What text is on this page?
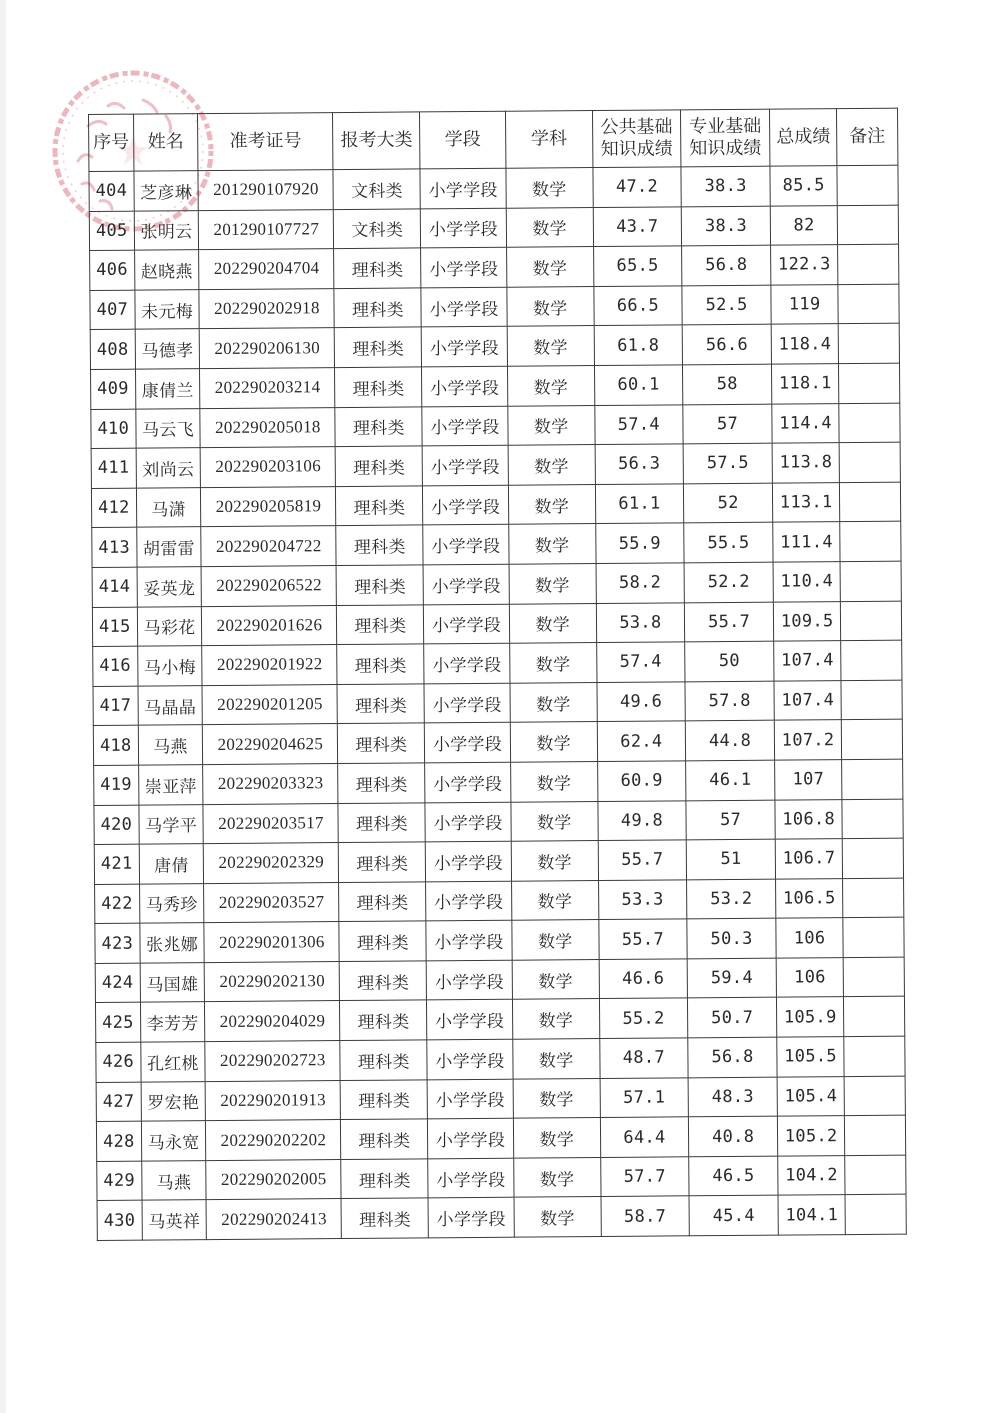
序号	姓名	准考证号	报考大类	学段	学科	公共基础知识成绩	专业基础知识成绩	总成绩	备注
404	芝彦琳	201290107920	文科类	小学学段	数学	47.2	38.3	85.5	
405	张明云	201290107727	文科类	小学学段	数学	43.7	38.3	82	
406	赵晓燕	202290204704	理科类	小学学段	数学	65.5	56.8	122.3	
407	未元梅	202290202918	理科类	小学学段	数学	66.5	52.5	119	
408	马德孝	202290206130	理科类	小学学段	数学	61.8	56.6	118.4	
409	康倩兰	202290203214	理科类	小学学段	数学	60.1	58	118.1	
410	马云飞	202290205018	理科类	小学学段	数学	57.4	57	114.4	
411	刘尚云	202290203106	理科类	小学学段	数学	56.3	57.5	113.8	
412	马潇	202290205819	理科类	小学学段	数学	61.1	52	113.1	
413	胡雷雷	202290204722	理科类	小学学段	数学	55.9	55.5	111.4	
414	妥英龙	202290206522	理科类	小学学段	数学	58.2	52.2	110.4	
415	马彩花	202290201626	理科类	小学学段	数学	53.8	55.7	109.5	
416	马小梅	202290201922	理科类	小学学段	数学	57.4	50	107.4	
417	马晶晶	202290201205	理科类	小学学段	数学	49.6	57.8	107.4	
418	马燕	202290204625	理科类	小学学段	数学	62.4	44.8	107.2	
419	崇亚萍	202290203323	理科类	小学学段	数学	60.9	46.1	107	
420	马学平	202290203517	理科类	小学学段	数学	49.8	57	106.8	
421	唐倩	202290202329	理科类	小学学段	数学	55.7	51	106.7	
422	马秀珍	202290203527	理科类	小学学段	数学	53.3	53.2	106.5	
423	张兆娜	202290201306	理科类	小学学段	数学	55.7	50.3	106	
424	马国雄	202290202130	理科类	小学学段	数学	46.6	59.4	106	
425	李芳芳	202290204029	理科类	小学学段	数学	55.2	50.7	105.9	
426	孔红桃	202290202723	理科类	小学学段	数学	48.7	56.8	105.5	
427	罗宏艳	202290201913	理科类	小学学段	数学	57.1	48.3	105.4	
428	马永宽	202290202202	理科类	小学学段	数学	64.4	40.8	105.2	
429	马燕	202290202005	理科类	小学学段	数学	57.7	46.5	104.2	
430	马英祥	202290202413	理科类	小学学段	数学	58.7	45.4	104.1	
